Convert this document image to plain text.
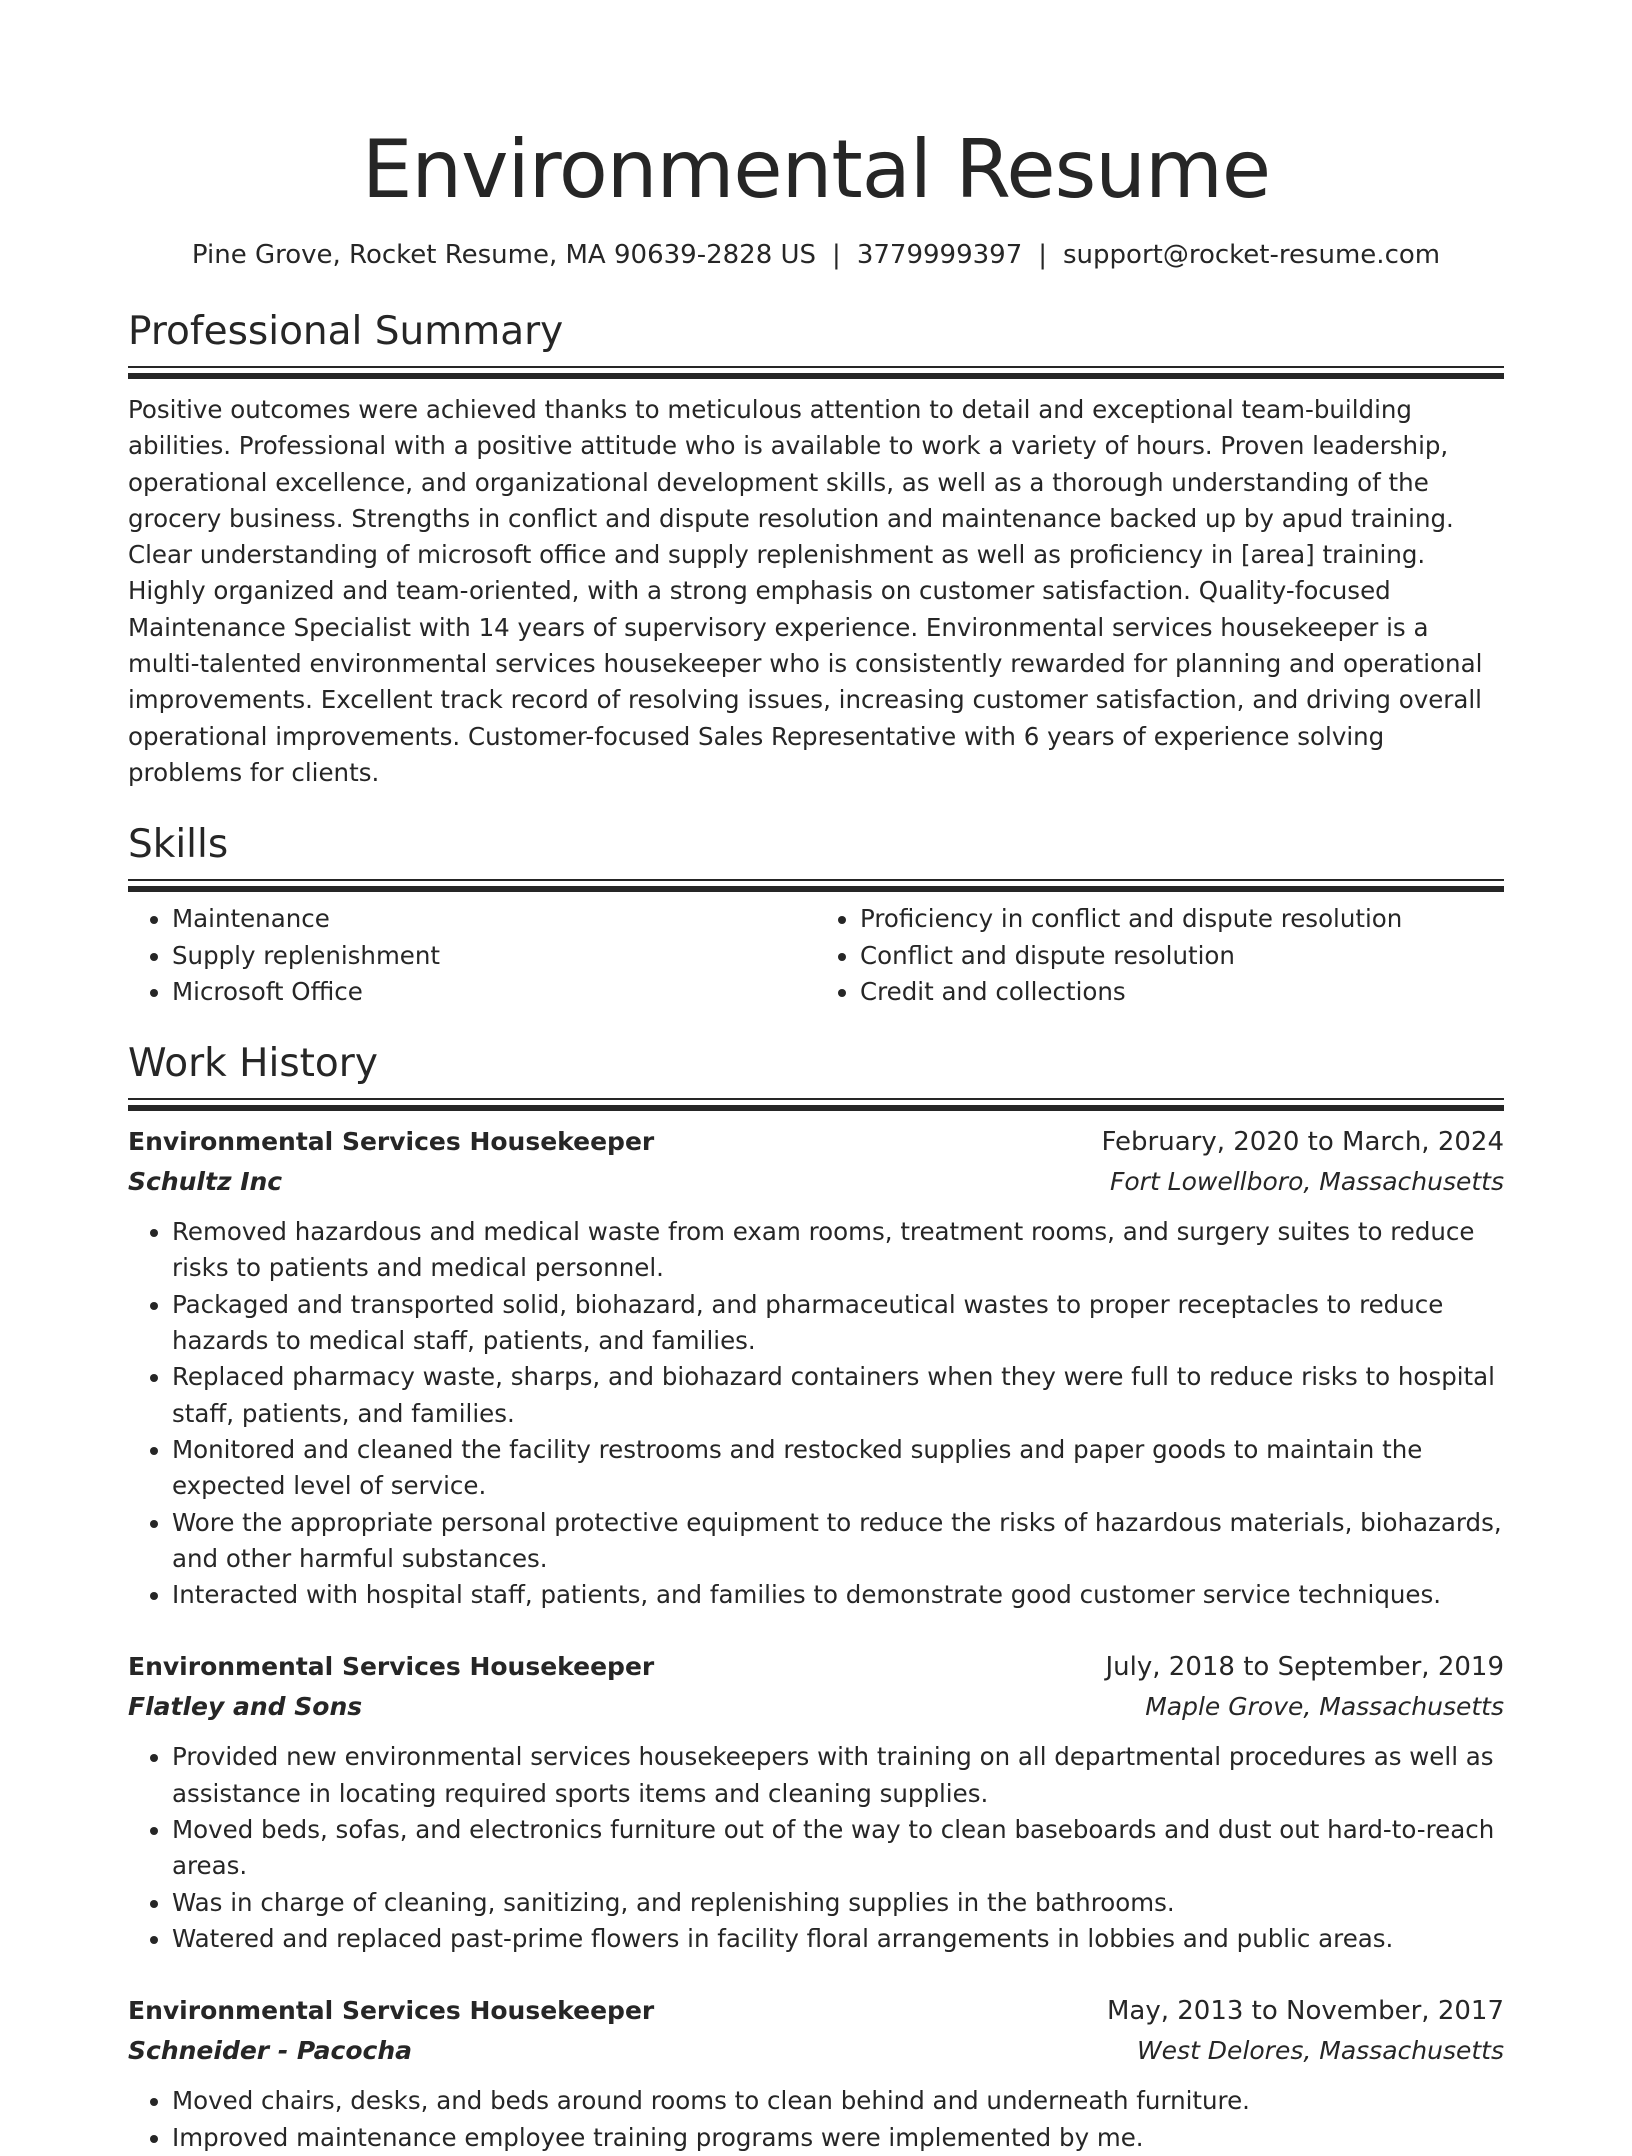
Environmental Resume
Pine Grove, Rocket Resume, MA 90639-2828 US | 3779999397 | support@rocket-resume.com
Professional Summary
Positive outcomes were achieved thanks to meticulous attention to detail and exceptional team-building abilities. Professional with a positive attitude who is available to work a variety of hours. Proven leadership, operational excellence, and organizational development skills, as well as a thorough understanding of the grocery business. Strengths in conflict and dispute resolution and maintenance backed up by apud training. Clear understanding of microsoft office and supply replenishment as well as proficiency in [area] training. Highly organized and team-oriented, with a strong emphasis on customer satisfaction. Quality-focused Maintenance Specialist with 14 years of supervisory experience. Environmental services housekeeper is a multi-talented environmental services housekeeper who is consistently rewarded for planning and operational improvements. Excellent track record of resolving issues, increasing customer satisfaction, and driving overall operational improvements. Customer-focused Sales Representative with 6 years of experience solving problems for clients.
Skills
• Maintenance
• Supply replenishment
• Microsoft Office
• Proficiency in conflict and dispute resolution
• Conflict and dispute resolution
• Credit and collections
Work History
Environmental Services Housekeeper	February, 2020 to March, 2024
Schultz Inc	Fort Lowellboro, Massachusetts
• Removed hazardous and medical waste from exam rooms, treatment rooms, and surgery suites to reduce risks to patients and medical personnel.
• Packaged and transported solid, biohazard, and pharmaceutical wastes to proper receptacles to reduce hazards to medical staff, patients, and families.
• Replaced pharmacy waste, sharps, and biohazard containers when they were full to reduce risks to hospital staff, patients, and families.
• Monitored and cleaned the facility restrooms and restocked supplies and paper goods to maintain the expected level of service.
• Wore the appropriate personal protective equipment to reduce the risks of hazardous materials, biohazards, and other harmful substances.
• Interacted with hospital staff, patients, and families to demonstrate good customer service techniques.
Environmental Services Housekeeper	July, 2018 to September, 2019
Flatley and Sons	Maple Grove, Massachusetts
• Provided new environmental services housekeepers with training on all departmental procedures as well as assistance in locating required sports items and cleaning supplies.
• Moved beds, sofas, and electronics furniture out of the way to clean baseboards and dust out hard-to-reach areas.
• Was in charge of cleaning, sanitizing, and replenishing supplies in the bathrooms.
• Watered and replaced past-prime flowers in facility floral arrangements in lobbies and public areas.
Environmental Services Housekeeper	May, 2013 to November, 2017
Schneider - Pacocha	West Delores, Massachusetts
• Moved chairs, desks, and beds around rooms to clean behind and underneath furniture.
• Improved maintenance employee training programs were implemented by me.
